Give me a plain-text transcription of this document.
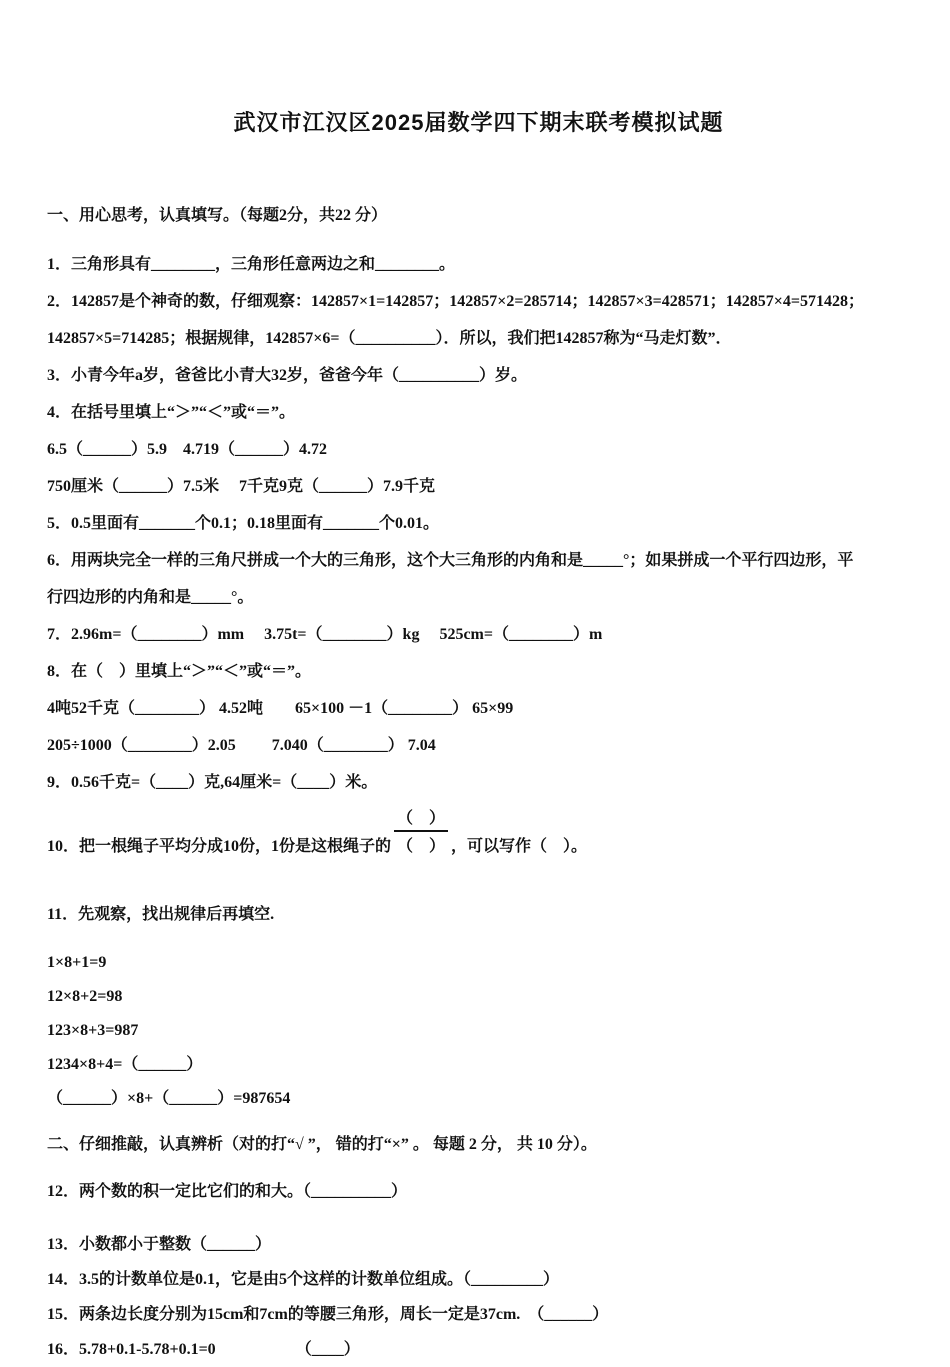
武汉市江汉区2025届数学四下期末联考模拟试题

一、用心思考，认真填写。（每题2分，共22 分）

1．三角形具有________，三角形任意两边之和________。

2．142857是个神奇的数，仔细观察：142857×1=142857；142857×2=285714；142857×3=428571；142857×4=571428；

142857×5=714285；根据规律，142857×6=（__________）．所以，我们把142857称为“马走灯数”．

3．小青今年a岁，爸爸比小青大32岁，爸爸今年（__________）岁。

4．在括号里填上“＞”“＜”或“＝”。

6.5（______）5.9　4.719（______）4.72

750厘米（______）7.5米　 7千克9克（______）7.9千克

5．0.5里面有_______个0.1；0.18里面有_______个0.01。

6．用两块完全一样的三角尺拼成一个大的三角形，这个大三角形的内角和是_____°；如果拼成一个平行四边形，平

行四边形的内角和是_____°。

7．2.96m=（________）mm　 3.75t=（________）kg　 525cm=（________）m

8．在（　）里填上“＞”“＜”或“＝”。

4吨52千克（________） 4.52吨　　65×100 －1（________） 65×99

205÷1000（________）2.05　　 7.040（________） 7.04

9．0.56千克=（____）克,64厘米=（____）米。

10．把一根绳子平均分成10份，1份是这根绳子的 $\frac{( )}{( )}$ ，可以写作（　）。

11．先观察，找出规律后再填空.

1×8+1=9

12×8+2=98

123×8+3=987

1234×8+4=（______）

（______）×8+（______）=987654

二、仔细推敲，认真辨析（对的打“√ ”， 错的打“×” 。 每题 2 分， 共 10 分）。

12．两个数的积一定比它们的和大。（__________）

13．小数都小于整数（______）

14．3.5的计数单位是0.1，它是由5个这样的计数单位组成。（_________）

15．两条边长度分别为15cm和7cm的等腰三角形，周长一定是37cm.　（______）

16．5.78+0.1-5.78+0.1=0	（____）
